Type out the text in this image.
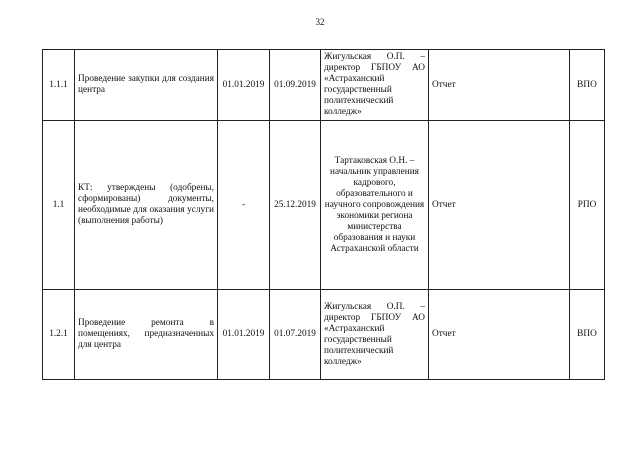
32
1.1.1	Проведение закупки для создания центра	01.01.2019	01.09.2019	Жигульская О.П. – директор ГБПОУ АО «Астраханский государственный политехнический колледж»	Отчет	ВПО
1.1	КТ: утверждены (одобрены, сформированы) документы, необходимые для оказания услуги (выполнения работы)	-	25.12.2019	Тартаковская О.Н. – начальник управления кадрового, образовательного и научного сопровождения экономики региона министерства образования и науки Астраханской области	Отчет	РПО
1.2.1	Проведение ремонта в помещениях, предназначенных для центра	01.01.2019	01.07.2019	Жигульская О.П. – директор ГБПОУ АО «Астраханский государственный политехнический колледж»	Отчет	ВПО
